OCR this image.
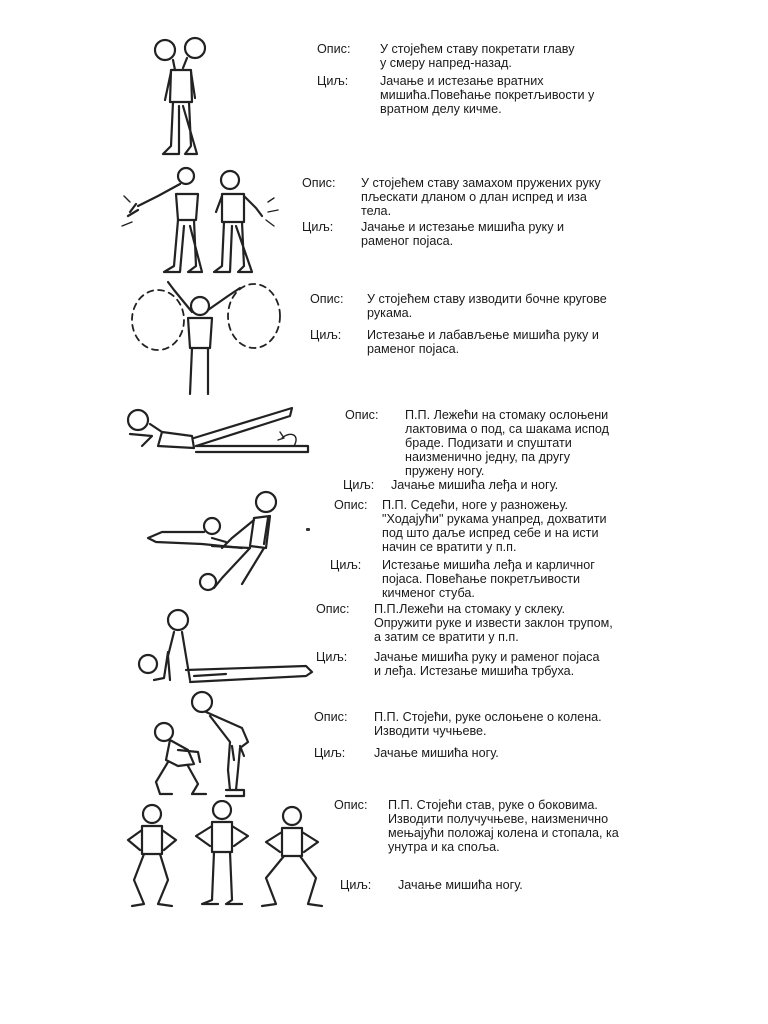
Опис: У стојећем ставу покретати главу
у смеру напред-назад.
Циљ:	Јачање и истезање вратних
мишића.Повећање покретљивости у
вратном делу кичме.
Опис: У стојећем ставу замахом пружених руку
пљескати дланом о длан испред и иза
тела.
Циљ: Јачање и истезање мишића руку и
раменог појаса.
Опис: У стојећем ставу изводити бочне кругове
рукама.
Циљ: Истезање и лабављење мишића руку и
раменог појаса.
Опис: П.П. Лежећи на стомаку ослоњени
лактовима о под, са шакама испод
браде. Подизати и спуштати
наизменично једну, па другу
пружену ногу.
Циљ: Јачање мишића леђа и ногу.
Опис: П.П. Седећи, ноге у разножењу.
"Ходајући" рукама унапред, дохватити
под што даље испред себе и на исти
начин се вратити у п.п.
Циљ: Истезање мишића леђа и карличног
појаса. Повећање покретљивости
кичменог стуба.
Опис: П.П.Лежећи на стомаку у склеку.
Опружити руке и извести заклон трупом,
а затим се вратити у п.п.
Циљ: Јачање мишића руку и раменог појаса
и леђа. Истезање мишића трбуха.
Опис: П.П. Стојећи, руке ослоњене о колена.
Изводити чучњеве.
Циљ: Јачање мишића ногу.
Опис: П.П. Стојећи став, руке о боковима.
Изводити получучњеве, наизменично
мењајући положај колена и стопала, ка
унутра и ка споља.
Циљ: Јачање мишића ногу.
